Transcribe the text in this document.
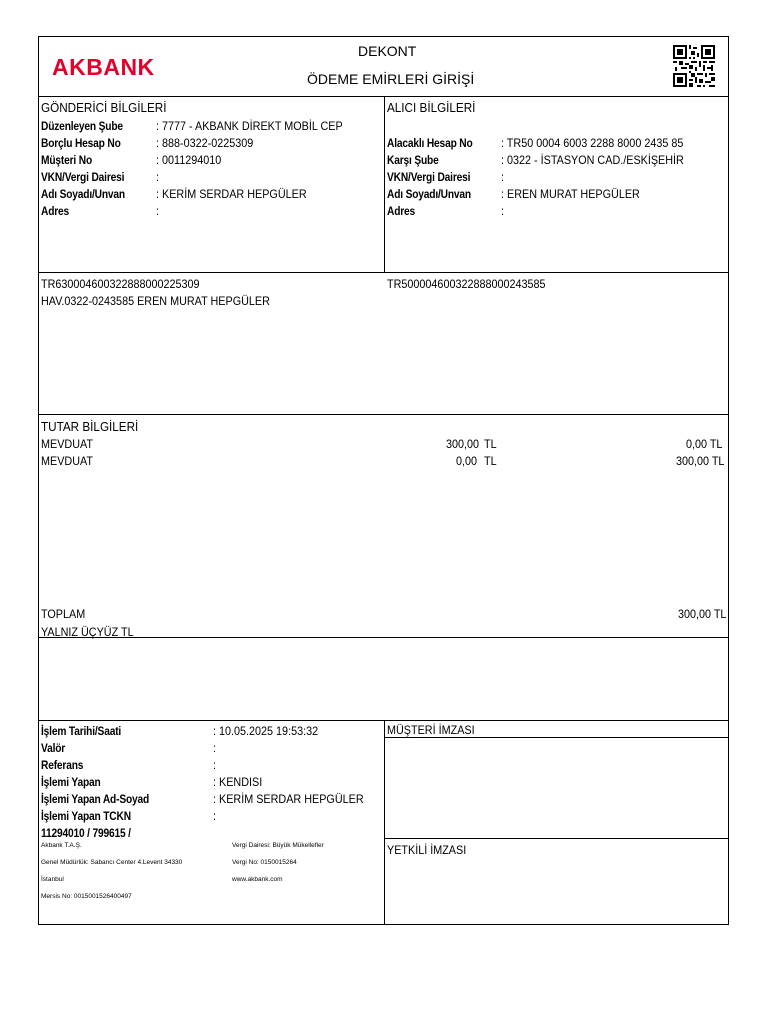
AKBANK
DEKONT
ÖDEME EMİRLERİ GİRİŞİ
GÖNDERİCİ BİLGİLERİ
Düzenleyen Şube	: 7777 - AKBANK DİREKT MOBİL CEP
Borçlu Hesap No	: 888-0322-0225309
Müşteri No	: 0011294010
VKN/Vergi Dairesi	:
Adı Soyadı/Unvan	: KERİM SERDAR HEPGÜLER
Adres	:
ALICI BİLGİLERİ
Alacaklı Hesap No : TR50 0004 6003 2288 8000 2435 85
Karşı Şube	: 0322 - İSTASYON CAD./ESKİŞEHİR
VKN/Vergi Dairesi	:
Adı Soyadı/Unvan : EREN MURAT HEPGÜLER
Adres	:
TR630004600322888000225309	TR500004600322888000243585
HAV.0322-0243585 EREN MURAT HEPGÜLER
TUTAR BİLGİLERİ
MEVDUAT	300,00 TL	0,00 TL
MEVDUAT	0,00 TL	300,00 TL
TOPLAM	300,00 TL
YALNIZ ÜÇYÜZ TL
İşlem Tarihi/Saati	: 10.05.2025 19:53:32
Valör	:
Referans	:
İşlemi Yapan	: KENDISI
İşlemi Yapan Ad-Soyad	: KERİM SERDAR HEPGÜLER
İşlemi Yapan TCKN	:
11294010 / 799615 /
MÜŞTERİ İMZASI
YETKİLİ İMZASI
Akbank T.A.Ş.
Genel Müdürlük: Sabancı Center 4.Levent 34330
İstanbul
Mersis No: 0015001526400497
Vergi Dairesi: Büyük Mükellefler
Vergi No: 0150015264
www.akbank.com
